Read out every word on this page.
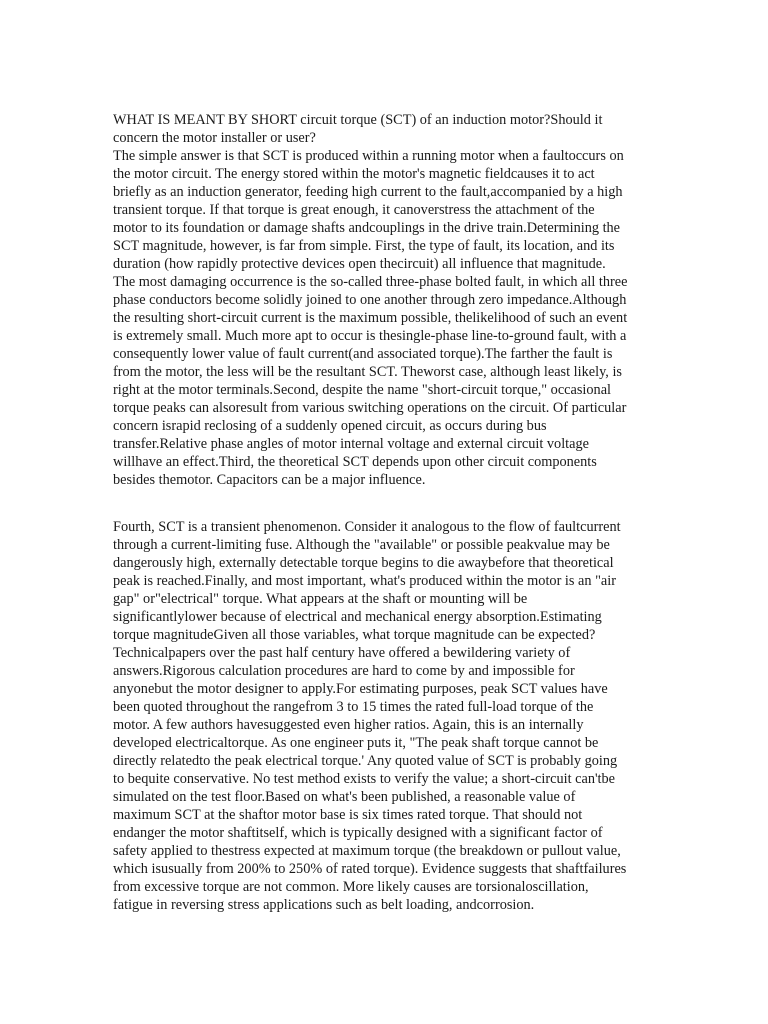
WHAT IS MEANT BY SHORT circuit torque (SCT) of an induction motor?Should it
concern the motor installer or user?
The simple answer is that SCT is produced within a running motor when a faultoccurs on
the motor circuit. The energy stored within the motor's magnetic fieldcauses it to act
briefly as an induction generator, feeding high current to the fault,accompanied by a high
transient torque. If that torque is great enough, it canoverstress the attachment of the
motor to its foundation or damage shafts andcouplings in the drive train.Determining the
SCT magnitude, however, is far from simple. First, the type of fault, its location, and its
duration (how rapidly protective devices open thecircuit) all influence that magnitude.
The most damaging occurrence is the so-called three-phase bolted fault, in which all three
phase conductors become solidly joined to one another through zero impedance.Although
the resulting short-circuit current is the maximum possible, thelikelihood of such an event
is extremely small. Much more apt to occur is thesingle-phase line-to-ground fault, with a
consequently lower value of fault current(and associated torque).The farther the fault is
from the motor, the less will be the resultant SCT. Theworst case, although least likely, is
right at the motor terminals.Second, despite the name "short-circuit torque," occasional
torque peaks can alsoresult from various switching operations on the circuit. Of particular
concern israpid reclosing of a suddenly opened circuit, as occurs during bus
transfer.Relative phase angles of motor internal voltage and external circuit voltage
willhave an effect.Third, the theoretical SCT depends upon other circuit components
besides themotor. Capacitors can be a major influence.
Fourth, SCT is a transient phenomenon. Consider it analogous to the flow of faultcurrent
through a current-limiting fuse. Although the "available" or possible peakvalue may be
dangerously high, externally detectable torque begins to die awaybefore that theoretical
peak is reached.Finally, and most important, what's produced within the motor is an "air
gap" or"electrical" torque. What appears at the shaft or mounting will be
significantlylower because of electrical and mechanical energy absorption.Estimating
torque magnitudeGiven all those variables, what torque magnitude can be expected?
Technicalpapers over the past half century have offered a bewildering variety of
answers.Rigorous calculation procedures are hard to come by and impossible for
anyonebut the motor designer to apply.For estimating purposes, peak SCT values have
been quoted throughout the rangefrom 3 to 15 times the rated full-load torque of the
motor. A few authors havesuggested even higher ratios. Again, this is an internally
developed electricaltorque. As one engineer puts it, "The peak shaft torque cannot be
directly relatedto the peak electrical torque.' Any quoted value of SCT is probably going
to bequite conservative. No test method exists to verify the value; a short-circuit can'tbe
simulated on the test floor.Based on what's been published, a reasonable value of
maximum SCT at the shaftor motor base is six times rated torque. That should not
endanger the motor shaftitself, which is typically designed with a significant factor of
safety applied to thestress expected at maximum torque (the breakdown or pullout value,
which isusually from 200% to 250% of rated torque). Evidence suggests that shaftfailures
from excessive torque are not common. More likely causes are torsionaloscillation,
fatigue in reversing stress applications such as belt loading, andcorrosion.
